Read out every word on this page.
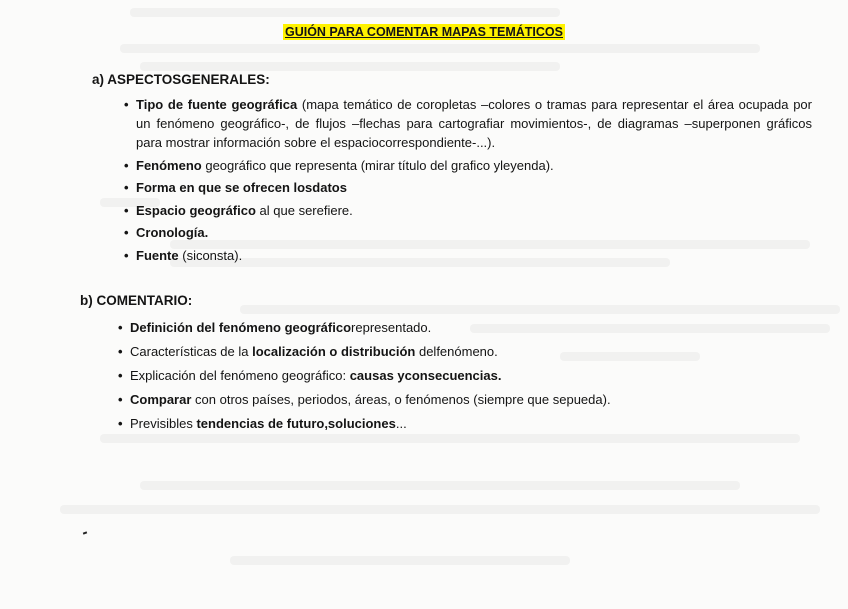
GUIÓN PARA COMENTAR MAPAS TEMÁTICOS
a) ASPECTOSGENERALES:
• Tipo de fuente geográfica (mapa temático de coropletas –colores o tramas para representar el área ocupada por un fenómeno geográfico-, de flujos –flechas para cartografiar movimientos-, de diagramas –superponen gráficos para mostrar información sobre el espaciocorrespondiente-...).
• Fenómeno geográfico que representa (mirar título del grafico yleyenda).
• Forma en que se ofrecen losdatos
• Espacio geográfico al que serefiere.
• Cronología.
• Fuente (siconsta).
b) COMENTARIO:
• Definición del fenómeno geográficorepresentado.
• Características de la localización o distribución delfenómeno.
• Explicación del fenómeno geográfico: causas yconsecuencias.
• Comparar con otros países, periodos, áreas, o fenómenos (siempre que sepueda).
• Previsibles tendencias de futuro,soluciones...
